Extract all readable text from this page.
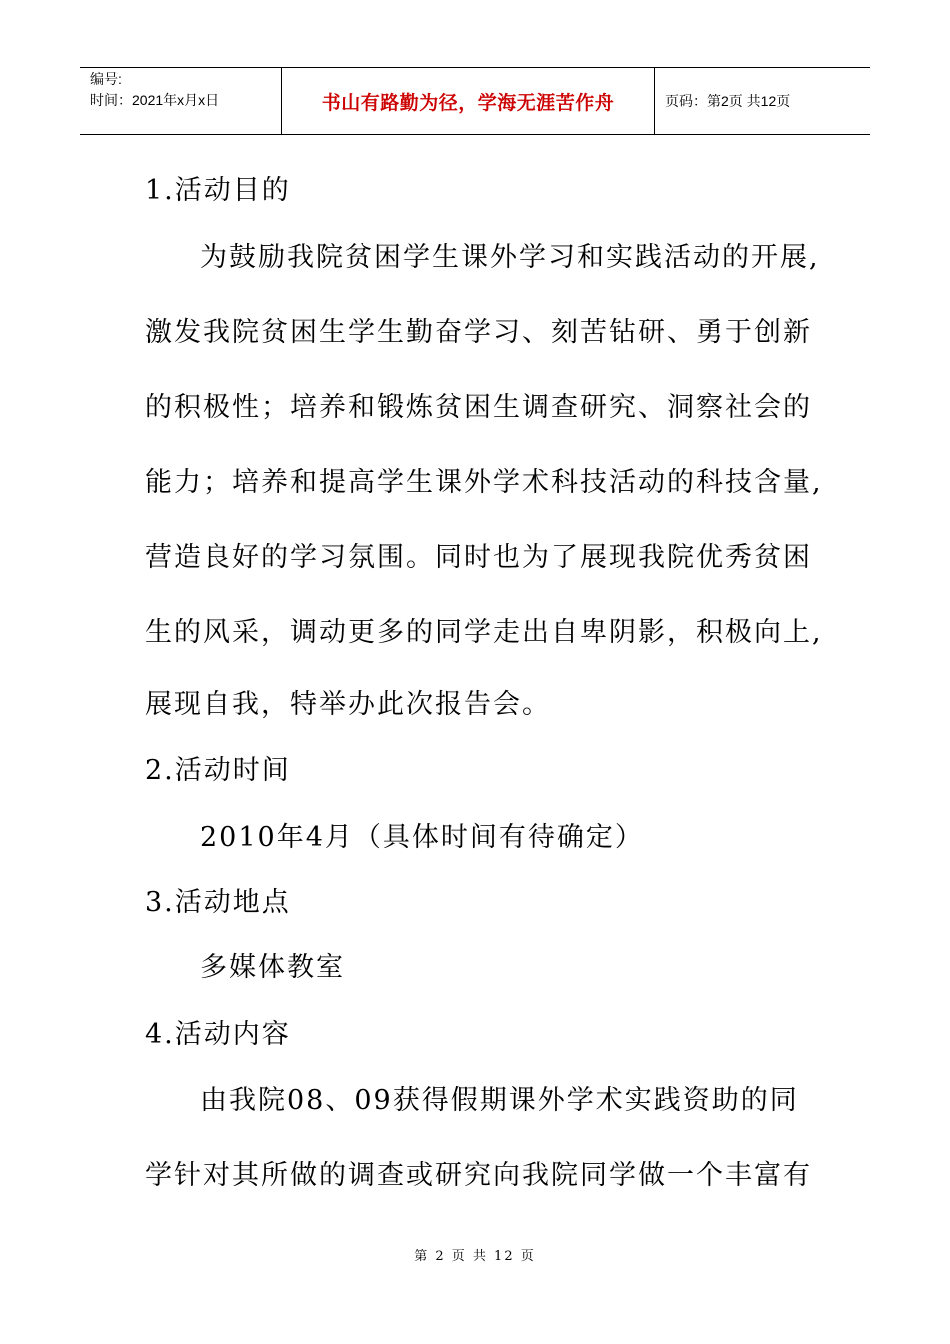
编号:
时间：2021年x月x日	书山有路勤为径，学海无涯苦作舟	页码：第2页 共12页
1.活动目的
为鼓励我院贫困学生课外学习和实践活动的开展,
激发我院贫困生学生勤奋学习、刻苦钻研、勇于创新
的积极性；培养和锻炼贫困生调查研究、洞察社会的
能力；培养和提高学生课外学术科技活动的科技含量,
营造良好的学习氛围。同时也为了展现我院优秀贫困
生的风采，调动更多的同学走出自卑阴影，积极向上,
展现自我，特举办此次报告会。
2.活动时间
2010年4月（具体时间有待确定）
3.活动地点
多媒体教室
4.活动内容
由我院08、09获得假期课外学术实践资助的同
学针对其所做的调查或研究向我院同学做一个丰富有
第 2 页 共 12 页
